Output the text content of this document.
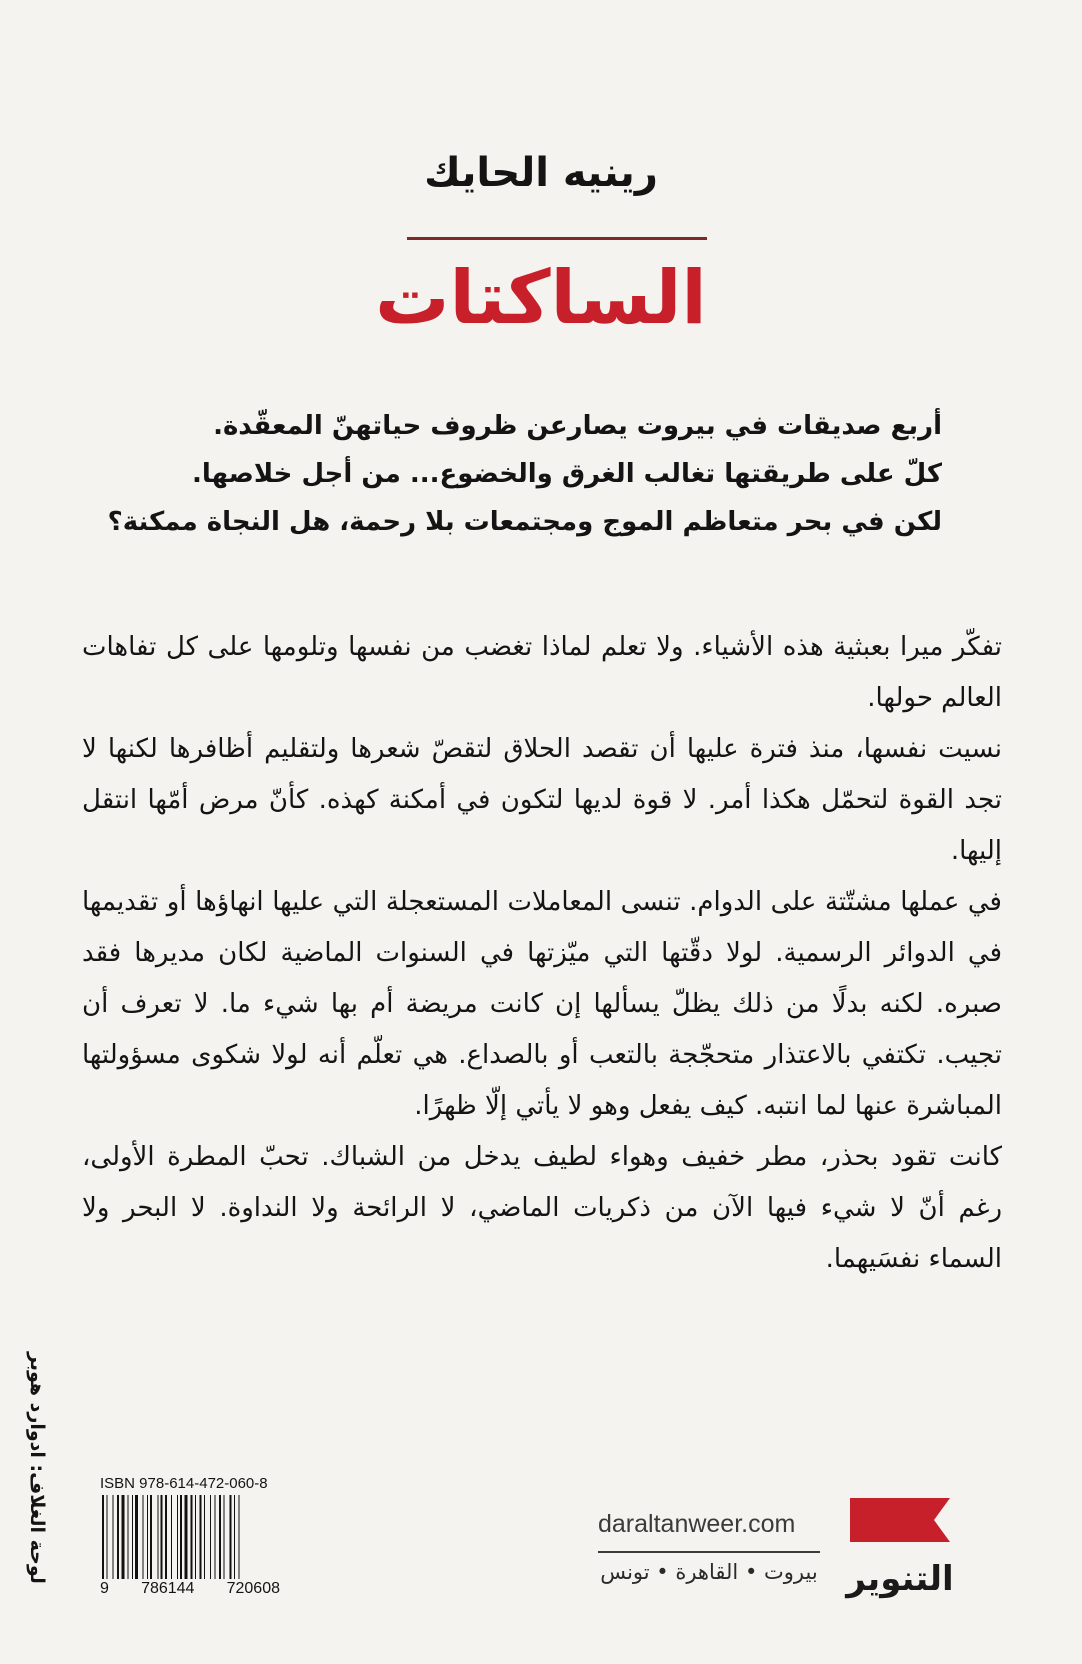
رينيه الحايك
الساكتات
أربع صديقات في بيروت يصارعن ظروف حياتهنّ المعقّدة.
كلّ على طريقتها تغالب الغرق والخضوع... من أجل خلاصها.
لكن في بحر متعاظم الموج ومجتمعات بلا رحمة، هل النجاة ممكنة؟

تفكّر ميرا بعبثية هذه الأشياء. ولا تعلم لماذا تغضب من نفسها وتلومها على كل تفاهات العالم حولها.

نسيت نفسها، منذ فترة عليها أن تقصد الحلاق لتقصّ شعرها ولتقليم أظافرها لكنها لا تجد القوة لتحمّل هكذا أمر. لا قوة لديها لتكون في أمكنة كهذه. كأنّ مرض أمّها انتقل إليها.

في عملها مشتّتة على الدوام. تنسى المعاملات المستعجلة التي عليها انهاؤها أو تقديمها في الدوائر الرسمية. لولا دقّتها التي ميّزتها في السنوات الماضية لكان مديرها فقد صبره. لكنه بدلًا من ذلك يظلّ يسألها إن كانت مريضة أم بها شيء ما. لا تعرف أن تجيب. تكتفي بالاعتذار متحجّجة بالتعب أو بالصداع. هي تعلّم أنه لولا شكوى مسؤولتها المباشرة عنها لما انتبه. كيف يفعل وهو لا يأتي إلّا ظهرًا.

كانت تقود بحذر، مطر خفيف وهواء لطيف يدخل من الشباك. تحبّ المطرة الأولى، رغم أنّ لا شيء فيها الآن من ذكريات الماضي، لا الرائحة ولا النداوة. لا البحر ولا السماء نفسَيهما.

لوحة الغلاف: ادوارد هوبر	ISBN 978-614-472-060-8
9 786144 720608
daraltanweer.com
بيروت • القاهرة • تونس التنوير
